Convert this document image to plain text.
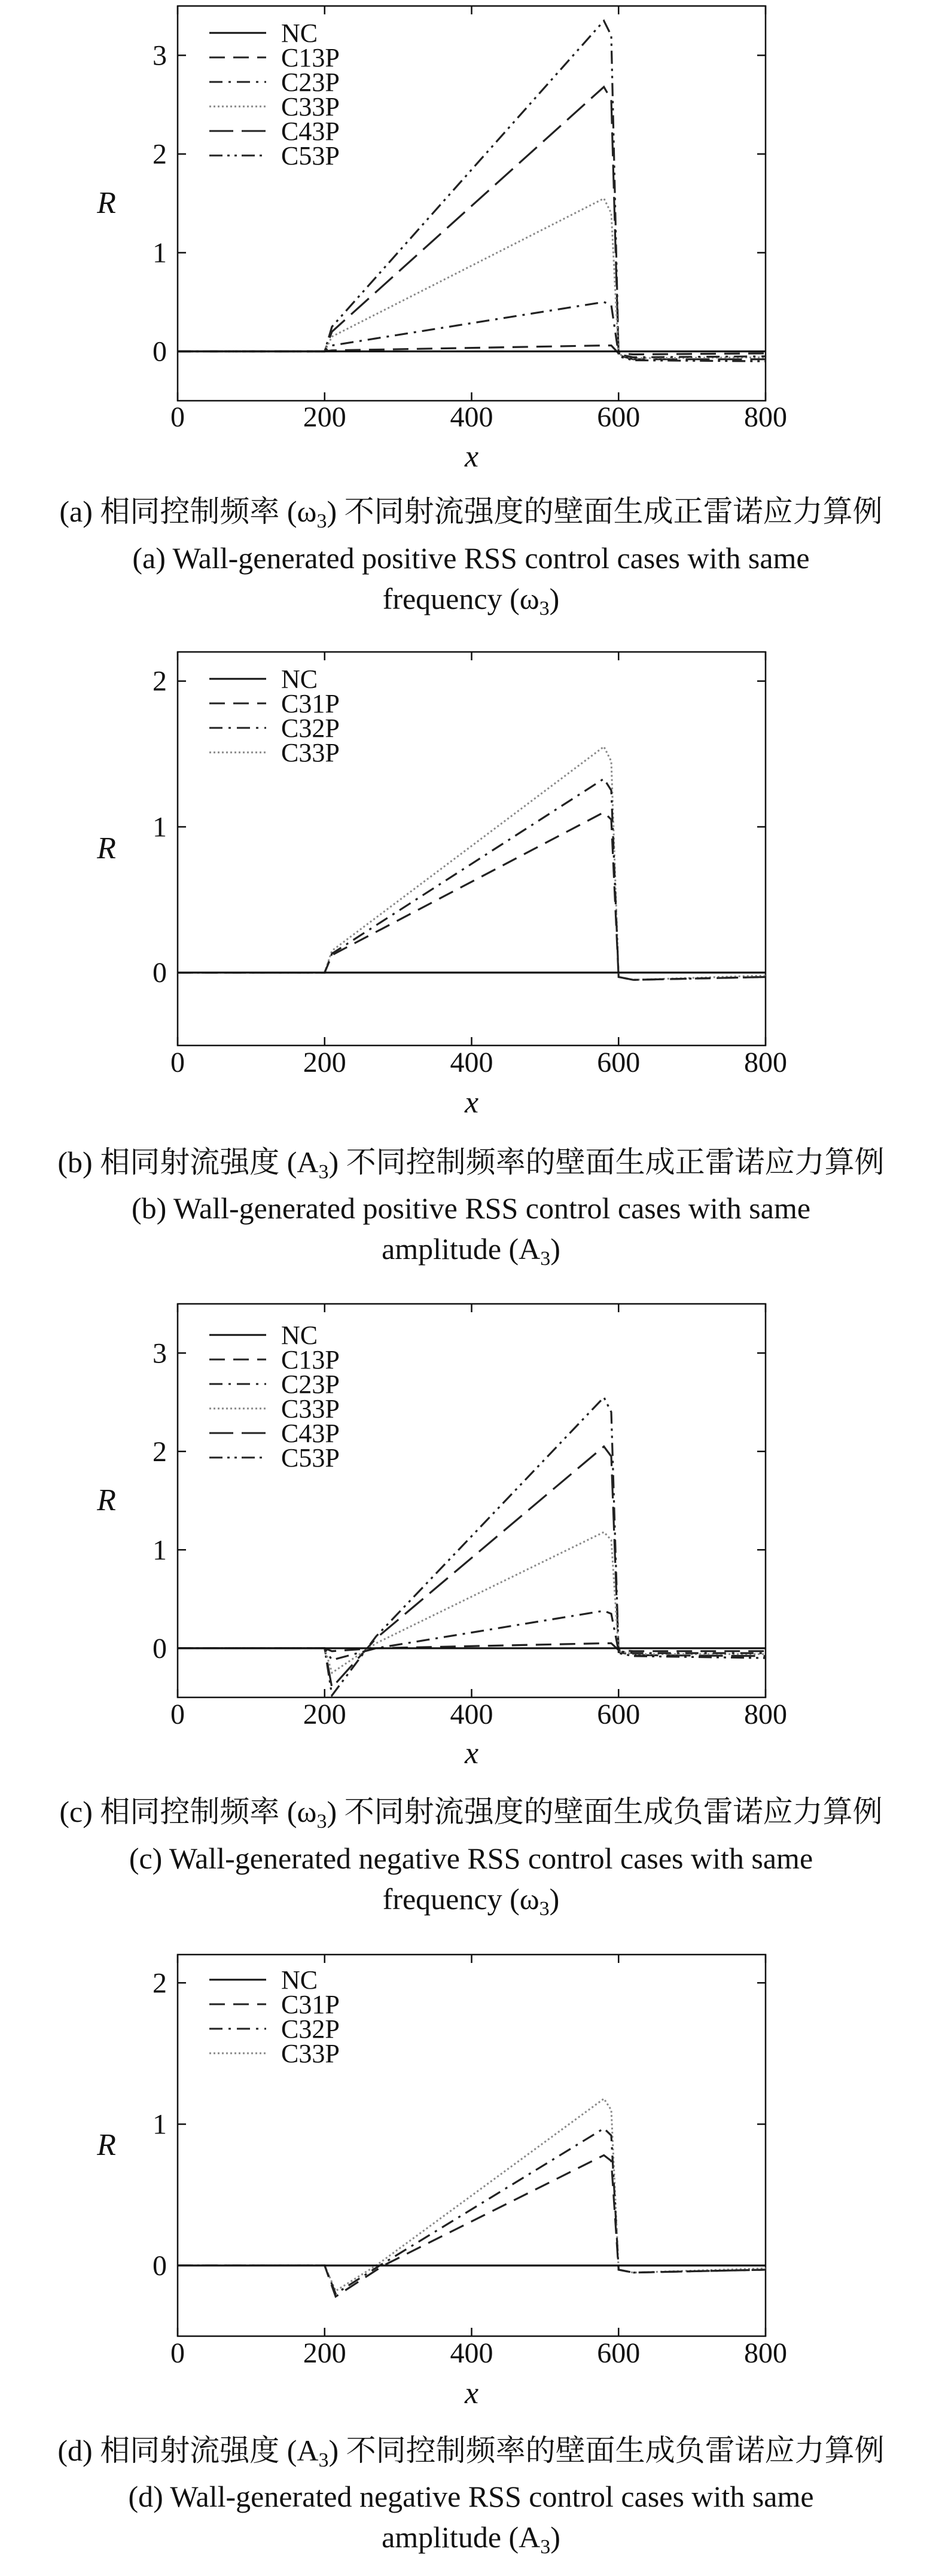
0	200	400	600	800
0
1
2
3
x
R
NC
C13P
C23P
C33P
C43P
C53P
(a) 相同控制频率 $(\omega_3)$ 不同射流强度的壁面生成正雷诺应力算例
(a) Wall-generated positive RSS control cases with same
frequency $(\omega_3)$
0	200	400	600	800
0
1
2
x
R
NC
C31P
C32P
C33P
(b) 相同射流强度 $(A_3)$ 不同控制频率的壁面生成正雷诺应力算例
(b) Wall-generated positive RSS control cases with same
amplitude $(A_3)$
0	200	400	600	800
0
1
2
3
x
R
NC
C13P
C23P
C33P
C43P
C53P
(c) 相同控制频率 $(\omega_3)$ 不同射流强度的壁面生成负雷诺应力算例
(c) Wall-generated negative RSS control cases with same
frequency $(\omega_3)$
0	200	400	600	800
0
1
2
x
R
NC
C31P
C32P
C33P
(d) 相同射流强度 $(A_3)$ 不同控制频率的壁面生成负雷诺应力算例
(d) Wall-generated negative RSS control cases with same
amplitude $(A_3)$
